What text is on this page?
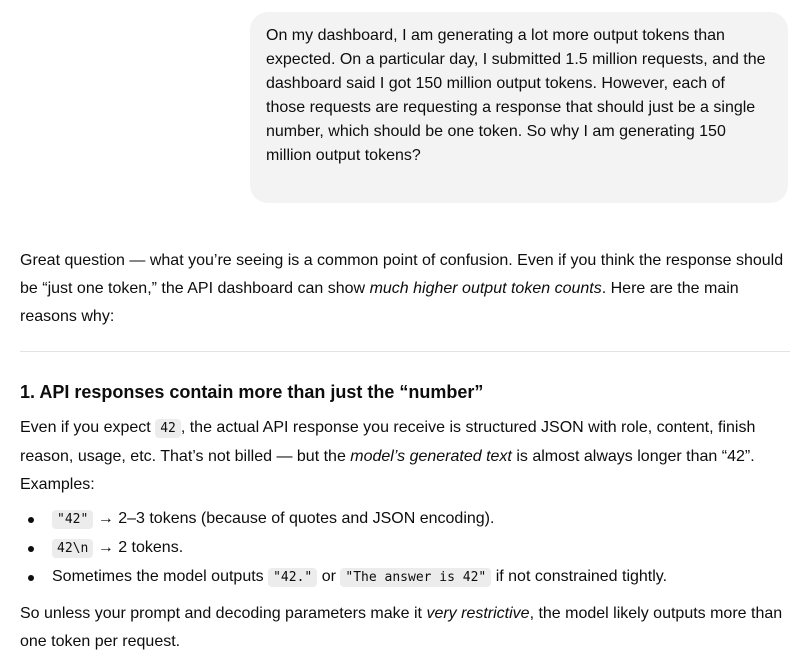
On my dashboard, I am generating a lot more output tokens than expected. On a particular day, I submitted 1.5 million requests, and the dashboard said I got 150 million output tokens. However, each of those requests are requesting a response that should just be a single number, which should be one token. So why I am generating 150 million output tokens?

Great question — what you’re seeing is a common point of confusion. Even if you think the response should be “just one token,” the API dashboard can show much higher output token counts. Here are the main reasons why:

1. API responses contain more than just the “number”

Even if you expect 42 , the actual API response you receive is structured JSON with role, content, finish reason, usage, etc. That’s not billed — but the model’s generated text is almost always longer than “42”. Examples:

"42" → 2–3 tokens (because of quotes and JSON encoding).
42\n → 2 tokens.
Sometimes the model outputs "42." or "The answer is 42" if not constrained tightly.

So unless your prompt and decoding parameters make it very restrictive, the model likely outputs more than one token per request.
